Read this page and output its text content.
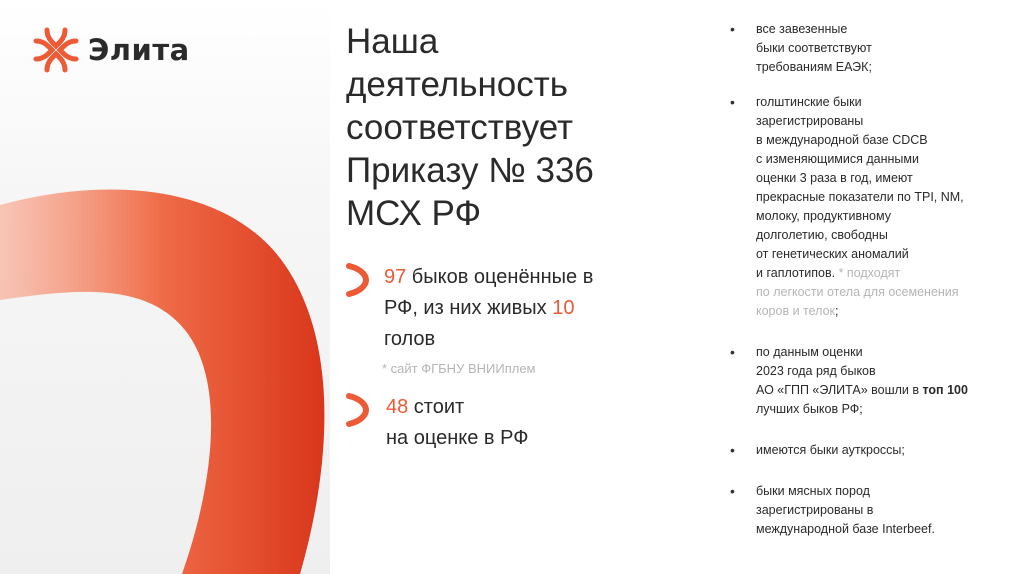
Элита	Наша
деятельность
соответствует
Приказу № 336
МСХ РФ
97 быков оценённые в
РФ, из них живых 10
голов
* сайт ФГБНУ ВНИИплем
48 стоит
на оценке в РФ
• все завезенные
быки соответствуют
требованиям ЕАЭК;
• голштинские быки
зарегистрированы
в международной базе CDCB
с изменяющимися данными
оценки 3 раза в год, имеют
прекрасные показатели по TPI, NM,
молоку, продуктивному
долголетию, свободны
от генетических аномалий
и гаплотипов. * подходят
по легкости отела для осеменения
коров и телок;
• по данным оценки
2023 года ряд быков
АО «ГПП «ЭЛИТА» вошли в топ 100
лучших быков РФ;
• имеются быки ауткроссы;
• быки мясных пород
зарегистрированы в
международной базе Interbeef.
